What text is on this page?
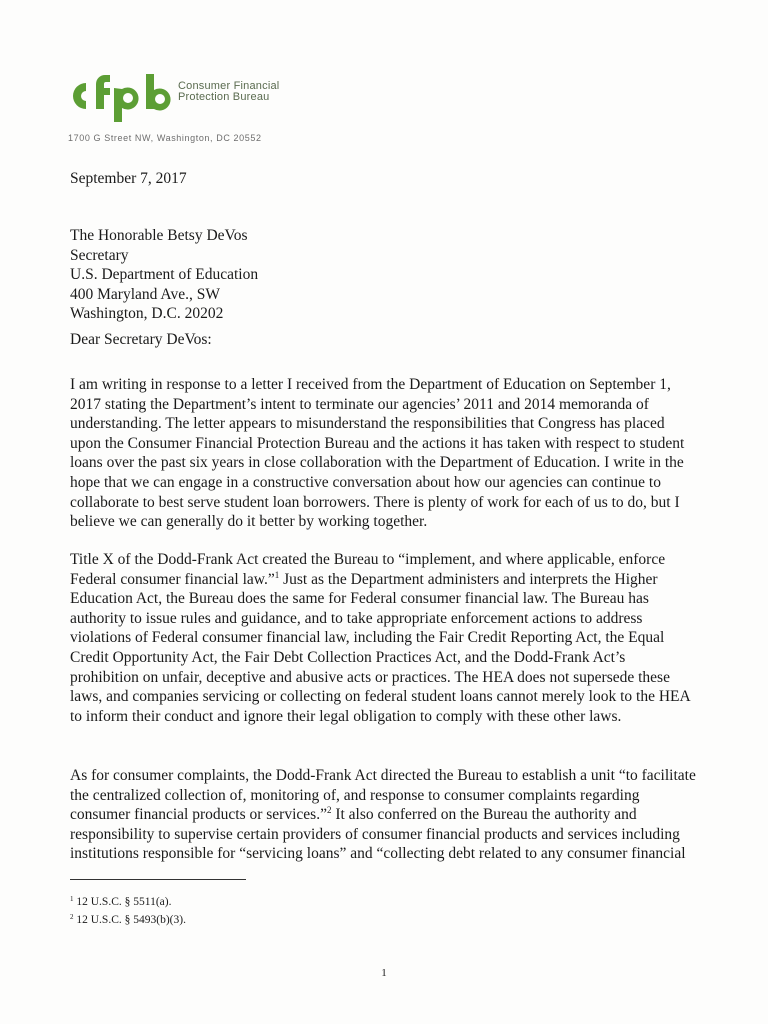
Consumer Financial
Protection Bureau
1700 G Street NW, Washington, DC 20552
September 7, 2017
The Honorable Betsy DeVos
Secretary
U.S. Department of Education
400 Maryland Ave., SW
Washington, D.C. 20202
Dear Secretary DeVos:
I am writing in response to a letter I received from the Department of Education on September 1,
2017 stating the Department’s intent to terminate our agencies’ 2011 and 2014 memoranda of
understanding. The letter appears to misunderstand the responsibilities that Congress has placed
upon the Consumer Financial Protection Bureau and the actions it has taken with respect to student
loans over the past six years in close collaboration with the Department of Education. I write in the
hope that we can engage in a constructive conversation about how our agencies can continue to
collaborate to best serve student loan borrowers. There is plenty of work for each of us to do, but I
believe we can generally do it better by working together.
Title X of the Dodd-Frank Act created the Bureau to “implement, and where applicable, enforce
Federal consumer financial law.”$^1$ Just as the Department administers and interprets the Higher
Education Act, the Bureau does the same for Federal consumer financial law. The Bureau has
authority to issue rules and guidance, and to take appropriate enforcement actions to address
violations of Federal consumer financial law, including the Fair Credit Reporting Act, the Equal
Credit Opportunity Act, the Fair Debt Collection Practices Act, and the Dodd-Frank Act’s
prohibition on unfair, deceptive and abusive acts or practices. The HEA does not supersede these
laws, and companies servicing or collecting on federal student loans cannot merely look to the HEA
to inform their conduct and ignore their legal obligation to comply with these other laws.
As for consumer complaints, the Dodd-Frank Act directed the Bureau to establish a unit “to facilitate
the centralized collection of, monitoring of, and response to consumer complaints regarding
consumer financial products or services.”$^2$ It also conferred on the Bureau the authority and
responsibility to supervise certain providers of consumer financial products and services including
institutions responsible for “servicing loans” and “collecting debt related to any consumer financial
$^1$ 12 U.S.C. § 5511(a).
$^2$ 12 U.S.C. § 5493(b)(3).
1
